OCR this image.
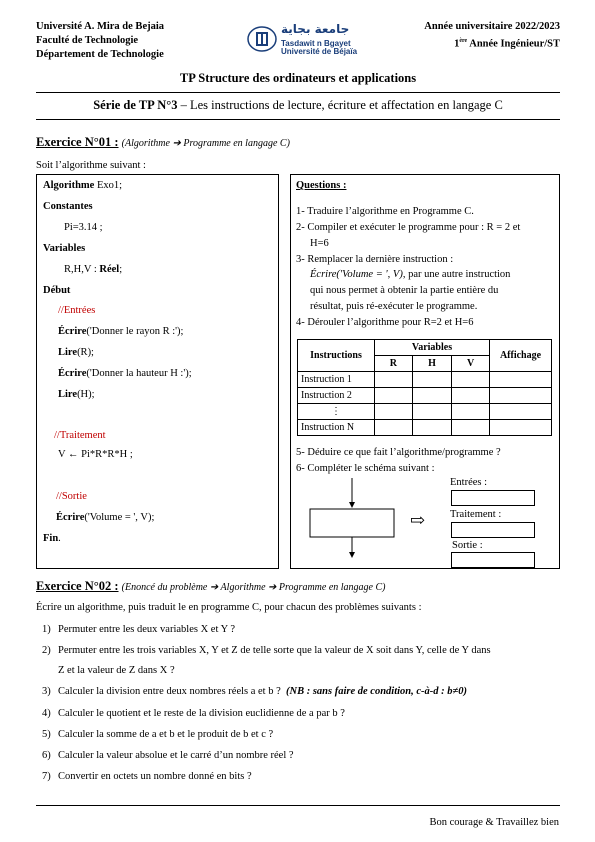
Université A. Mira de Bejaia
Faculté de Technologie
Département de Technologie
جامعة بجاية
Tasdawit n Bgayet
Université de Béjaïa
Année universitaire 2022/2023
1ère Année Ingénieur/ST
TP Structure des ordinateurs et applications
Série de TP N°3 – Les instructions de lecture, écriture et affectation en langage C
Exercice N°01 : (Algorithme ➔ Programme en langage C)
Soit l’algorithme suivant :
Algorithme Exo1;
Constantes
Pi=3.14 ;
Variables
R,H,V : Réel;
Début
//Entrées
Écrire('Donner le rayon R :');
Lire(R);
Écrire('Donner la hauteur H :');
Lire(H);
//Traitement
V ← Pi*R*R*H ;
//Sortie
Écrire('Volume = ', V);
Fin.
Questions :
1- Traduire l’algorithme en Programme C.
2- Compiler et exécuter le programme pour : R = 2 et
H=6
3- Remplacer la dernière instruction :
Écrire('Volume = ', V), par une autre instruction
qui nous permet à obtenir la partie entière du
résultat, puis ré-exécuter le programme.
4- Dérouler l’algorithme pour R=2 et H=6
Instructions	Variables			Affichage
	R	H	V	
Instruction 1				
Instruction 2				
⋮				
Instruction N				
5- Déduire ce que fait l’algorithme/programme ?
6- Compléter le schéma suivant :
⇨
Entrées :
Traitement :
Sortie :
Exercice N°02 : (Enoncé du problème ➔ Algorithme ➔ Programme en langage C)
Écrire un algorithme, puis traduit le en programme C, pour chacun des problèmes suivants :
1) Permuter entre les deux variables X et Y ?
2) Permuter entre les trois variables X, Y et Z de telle sorte que la valeur de X soit dans Y, celle de Y dans
Z et la valeur de Z dans X ?
3) Calculer la division entre deux nombres réels a et b ? (NB : sans faire de condition, c-à-d : b≠0)
4) Calculer le quotient et le reste de la division euclidienne de a par b ?
5) Calculer la somme de a et b et le produit de b et c ?
6) Calculer la valeur absolue et le carré d’un nombre réel ?
7) Convertir en octets un nombre donné en bits ?
Bon courage & Travaillez bien
